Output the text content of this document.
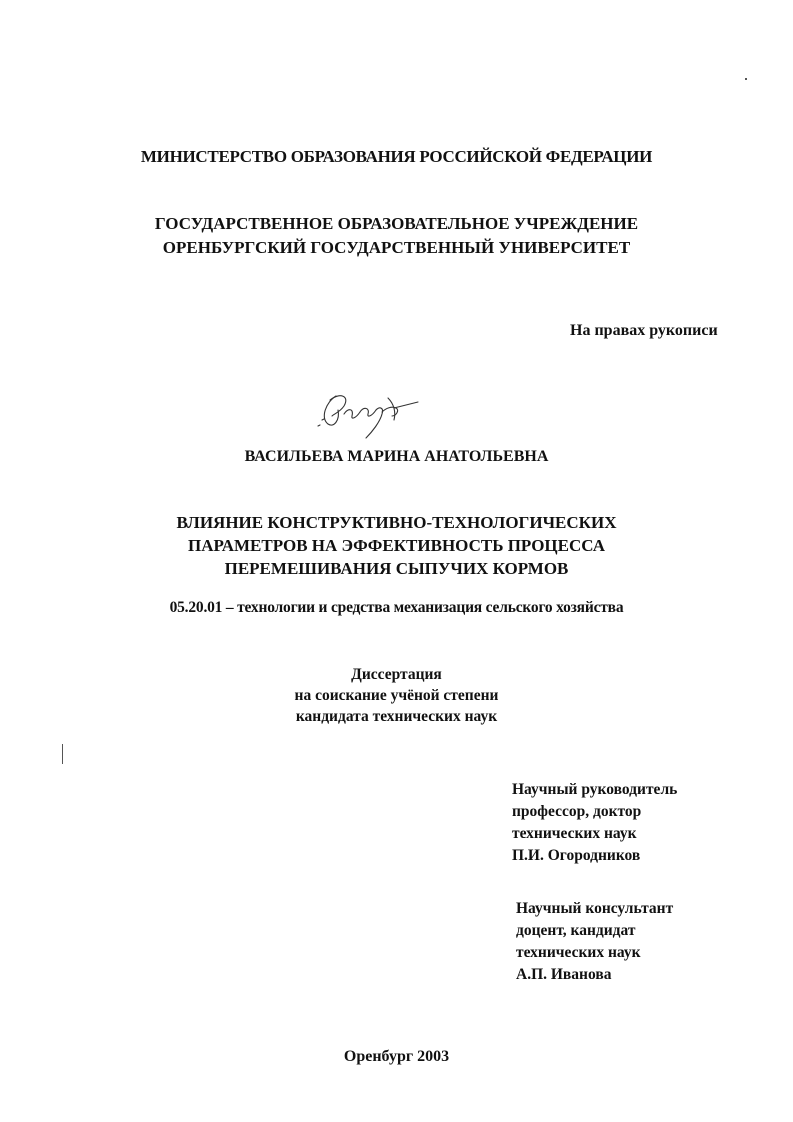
МИНИСТЕРСТВО ОБРАЗОВАНИЯ РОССИЙСКОЙ ФЕДЕРАЦИИ
ГОСУДАРСТВЕННОЕ ОБРАЗОВАТЕЛЬНОЕ УЧРЕЖДЕНИЕ
ОРЕНБУРГСКИЙ ГОСУДАРСТВЕННЫЙ УНИВЕРСИТЕТ
На правах рукописи
ВАСИЛЬЕВА МАРИНА АНАТОЛЬЕВНА
ВЛИЯНИЕ КОНСТРУКТИВНО-ТЕХНОЛОГИЧЕСКИХ
ПАРАМЕТРОВ НА ЭФФЕКТИВНОСТЬ ПРОЦЕССА
ПЕРЕМЕШИВАНИЯ СЫПУЧИХ КОРМОВ
05.20.01 – технологии и средства механизация сельского хозяйства
Диссертация
на соискание учёной степени
кандидата технических наук
Научный руководитель
профессор, доктор
технических наук
П.И. Огородников
Научный консультант
доцент, кандидат
технических наук
А.П. Иванова
Оренбург 2003
